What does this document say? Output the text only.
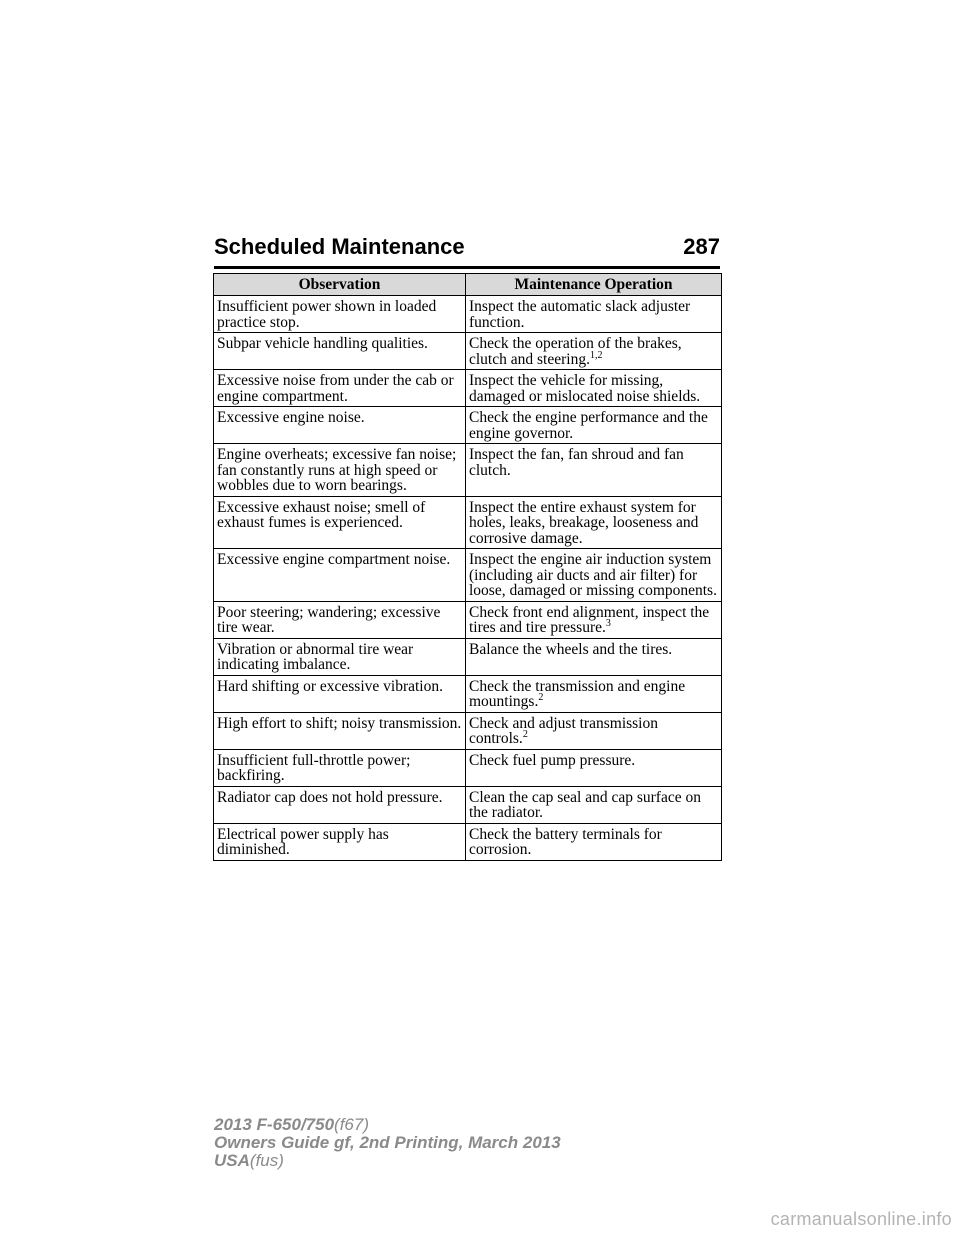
Scheduled Maintenance	287
Observation	Maintenance Operation
Insufficient power shown in loaded practice stop.	Inspect the automatic slack adjuster function.
Subpar vehicle handling qualities.	Check the operation of the brakes, clutch and steering.$^{1,2}$
Excessive noise from under the cab or engine compartment.	Inspect the vehicle for missing, damaged or mislocated noise shields.
Excessive engine noise.	Check the engine performance and the engine governor.
Engine overheats; excessive fan noise; fan constantly runs at high speed or wobbles due to worn bearings.	Inspect the fan, fan shroud and fan clutch.
Excessive exhaust noise; smell of exhaust fumes is experienced.	Inspect the entire exhaust system for holes, leaks, breakage, looseness and corrosive damage.
Excessive engine compartment noise.	Inspect the engine air induction system (including air ducts and air filter) for loose, damaged or missing components.
Poor steering; wandering; excessive tire wear.	Check front end alignment, inspect the tires and tire pressure.$^3$
Vibration or abnormal tire wear indicating imbalance.	Balance the wheels and the tires.
Hard shifting or excessive vibration.	Check the transmission and engine mountings.$^2$
High effort to shift; noisy transmission.	Check and adjust transmission controls.$^2$
Insufficient full-throttle power; backfiring.	Check fuel pump pressure.
Radiator cap does not hold pressure.	Clean the cap seal and cap surface on the radiator.
Electrical power supply has diminished.	Check the battery terminals for corrosion.
2013 F-650/750(f67)
Owners Guide gf, 2nd Printing, March 2013
USA(fus)
carmanualsonline.info
